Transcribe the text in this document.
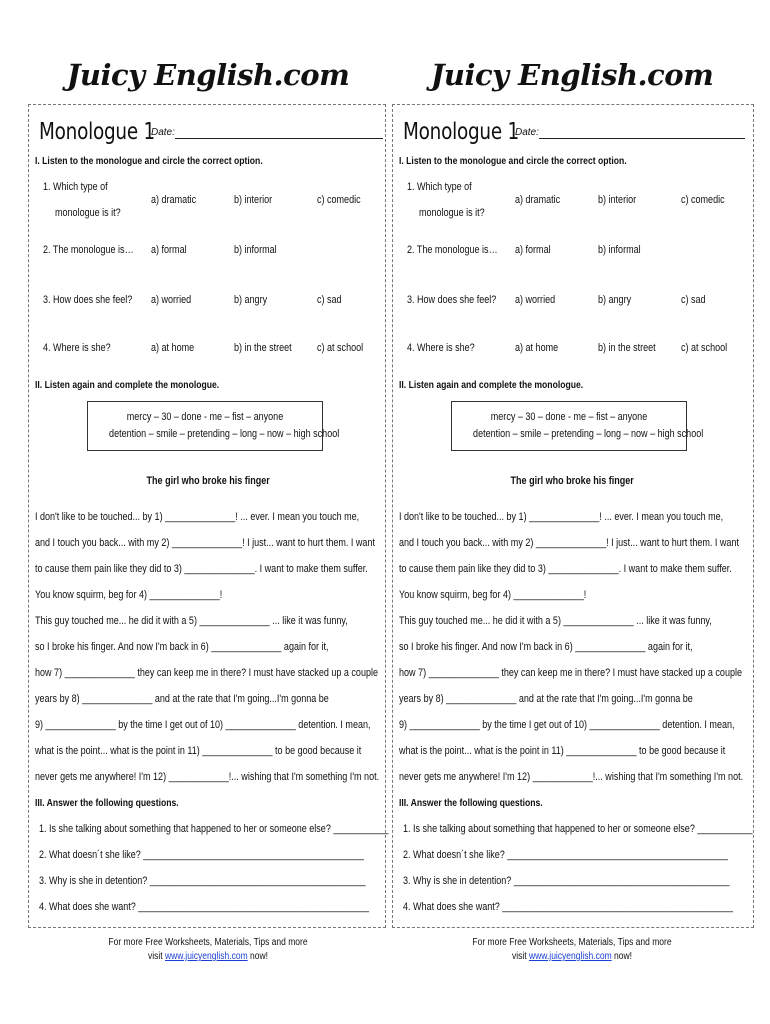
Juicy English.com
Monologue 1
Date:
I. Listen to the monologue and circle the correct option.
1. Which type of
monologue is it?
a) dramatic	b) interior	c) comedic
2. The monologue is… a) formal	b) informal
3. How does she feel? a) worried	b) angry	c) sad
4. Where is she?	a) at home	b) in the street c) at school
II. Listen again and complete the monologue.
mercy – 30 – done - me – fist – anyone
detention – smile – pretending – long – now – high school
The girl who broke his finger
I don't like to be touched... by 1) ______________! ... ever. I mean you touch me,
and I touch you back... with my 2) ______________! I just... want to hurt them. I want
to cause them pain like they did to 3) ______________. I want to make them suffer.
You know squirm, beg for 4) ______________!
This guy touched me... he did it with a 5) ______________ ... like it was funny,
so I broke his finger. And now I'm back in 6) ______________ again for it,
how 7) ______________ they can keep me in there? I must have stacked up a couple
years by 8) ______________ and at the rate that I'm going...I'm gonna be
9) ______________ by the time I get out of 10) ______________ detention. I mean,
what is the point... what is the point in 11) ______________ to be good because it
never gets me anywhere! I'm 12) ____________!... wishing that I'm something I'm not.
III. Answer the following questions.
1. Is she talking about something that happened to her or someone else? ___________
2. What doesn´t she like? ____________________________________________
3. Why is she in detention? ___________________________________________
4. What does she want? ______________________________________________
For more Free Worksheets, Materials, Tips and more
visit www.juicyenglish.com now!
Juicy English.com
Monologue 1
Date:
I. Listen to the monologue and circle the correct option.
1. Which type of
monologue is it?
a) dramatic	b) interior	c) comedic
2. The monologue is… a) formal	b) informal
3. How does she feel? a) worried	b) angry	c) sad
4. Where is she?	a) at home	b) in the street c) at school
II. Listen again and complete the monologue.
mercy – 30 – done - me – fist – anyone
detention – smile – pretending – long – now – high school
The girl who broke his finger
I don't like to be touched... by 1) ______________! ... ever. I mean you touch me,
and I touch you back... with my 2) ______________! I just... want to hurt them. I want
to cause them pain like they did to 3) ______________. I want to make them suffer.
You know squirm, beg for 4) ______________!
This guy touched me... he did it with a 5) ______________ ... like it was funny,
so I broke his finger. And now I'm back in 6) ______________ again for it,
how 7) ______________ they can keep me in there? I must have stacked up a couple
years by 8) ______________ and at the rate that I'm going...I'm gonna be
9) ______________ by the time I get out of 10) ______________ detention. I mean,
what is the point... what is the point in 11) ______________ to be good because it
never gets me anywhere! I'm 12) ____________!... wishing that I'm something I'm not.
III. Answer the following questions.
1. Is she talking about something that happened to her or someone else? ___________
2. What doesn´t she like? ____________________________________________
3. Why is she in detention? ___________________________________________
4. What does she want? ______________________________________________
For more Free Worksheets, Materials, Tips and more
visit www.juicyenglish.com now!
